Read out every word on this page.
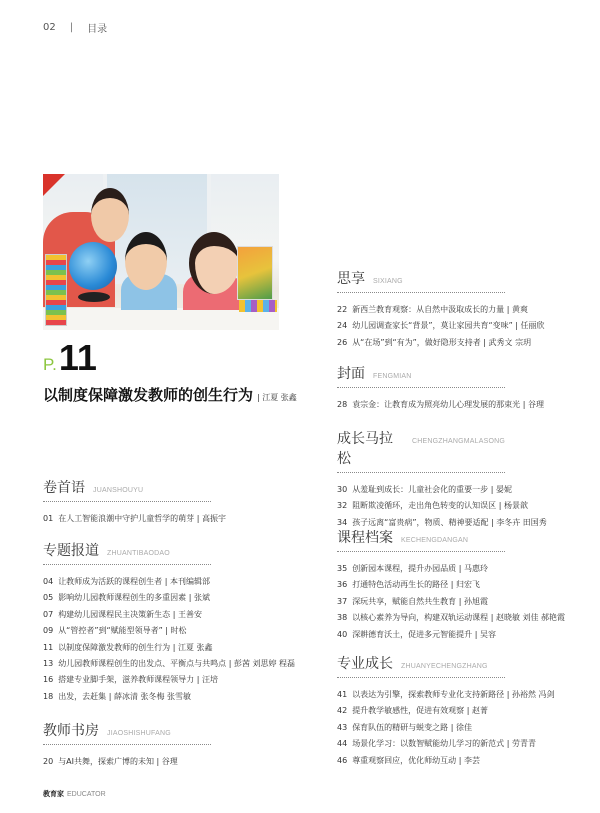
02 | 目录
P. 11
以制度保障激发教师的创生行为 | 江夏 张鑫
卷首语 JUANSHOUYU
01 在人工智能浪潮中守护儿童哲学的萌芽 | 高振宇
专题报道 ZHUANTIBAODAO
04 让教师成为活跃的课程创生者 | 本刊编辑部
05 影响幼儿园教师课程创生的多重因素 | 张斌
07 构建幼儿园课程民主决策新生态 | 王善安
09 从“管控者”到“赋能型领导者” | 时松
11 以制度保障激发教师的创生行为 | 江夏 张鑫
13 幼儿园教师课程创生的出发点、平衡点与共鸣点 | 彭茜 刘思婷 程磊
16 搭建专业脚手架，滋养教师课程领导力 | 汪培
18 出发，去赶集 | 薛冰清 张冬梅 张雪敏
教师书房 JIAOSHISHUFANG
20 与AI共舞，探索广博的未知 | 谷理
思享 SIXIANG
22 新西兰教育观察：从自然中汲取成长的力量 | 黄爽
24 幼儿园调查家长“背景”，莫让家园共育“变味” | 任丽欣
26 从“在场”到“有为”，做好隐形支持者 | 武秀文 宗玥
封面 FENGMIAN
28 袁宗金：让教育成为照亮幼儿心理发展的那束光 | 谷理
成长马拉松
CHENGZHANGMALASONG
30 从羞耻到成长：儿童社会化的重要一步 | 晏妮
32 阻断欺凌循环，走出角色转变的认知误区 | 杨景歆
34 孩子远离“富贵病”，物质、精神要适配 | 李冬卉 田国秀
课程档案 KECHENGDANGAN
35 创新园本课程，提升办园品质 | 马惠玲
36 打通特色活动再生长的路径 | 归宏飞
37 深玩共享，赋能自然共生教育 | 孙旭霞
38 以核心素养为导向，构建双轨运动课程 | 赵晓敏 刘佳 郝艳霞
40 深耕德育沃土，促进多元智能提升 | 吴容
专业成长 ZHUANYECHENGZHANG
41 以表达为引擎，探索教师专业化支持新路径 | 孙裕然 冯剑
42 提升教学敏感性，促进有效观察 | 赵菁
43 保育队伍的精研与蜕变之路 | 徐佳
44 场景化学习：以数智赋能幼儿学习的新范式 | 劳青青
46 尊重观察回应，优化师幼互动 | 李芸
教育家 EDUCATOR
